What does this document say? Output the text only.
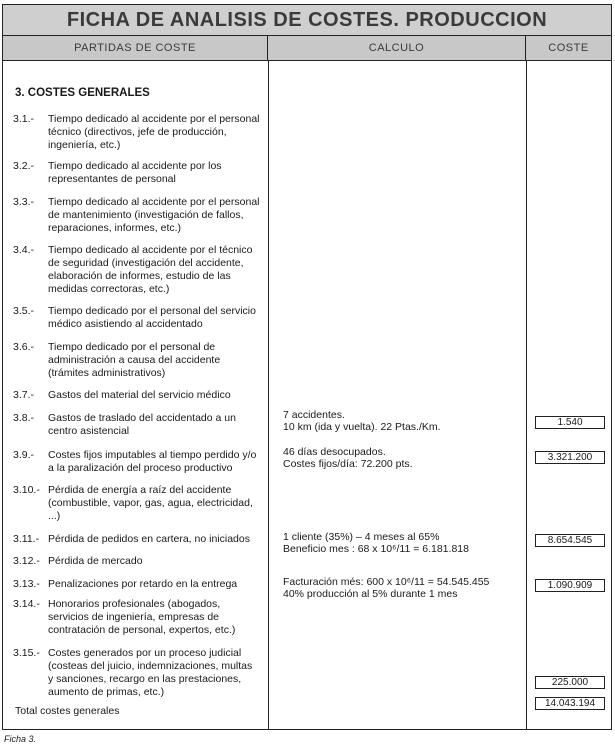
FICHA DE ANALISIS DE COSTES. PRODUCCION
PARTIDAS DE COSTE	CALCULO	COSTE
3. COSTES GENERALES
3.1.- Tiempo dedicado al accidente por el personal técnico (directivos, jefe de producción, ingeniería, etc.)
3.2.- Tiempo dedicado al accidente por los representantes de personal
3.3.- Tiempo dedicado al accidente por el personal de mantenimiento (investigación de fallos, reparaciones, informes, etc.)
3.4.- Tiempo dedicado al accidente por el técnico de seguridad (investigación del accidente, elaboración de informes, estudio de las medidas correctoras, etc.)
3.5.- Tiempo dedicado por el personal del servicio médico asistiendo al accidentado
3.6.- Tiempo dedicado por el personal de administración a causa del accidente (trámites administrativos)
3.7.- Gastos del material del servicio médico
3.8.- Gastos de traslado del accidentado a un centro asistencial
3.9.- Costes fijos imputables al tiempo perdido y/o a la paralización del proceso productivo
3.10.- Pérdida de energía a raíz del accidente (combustible, vapor, gas, agua, electricidad, ...)
3.11.- Pérdida de pedidos en cartera, no iniciados
3.12.- Pérdida de mercado
3.13.- Penalizaciones por retardo en la entrega
3.14.- Honorarios profesionales (abogados, servicios de ingeniería, empresas de contratación de personal, expertos, etc.)
3.15.- Costes generados por un proceso judicial (costeas del juicio, indemnizaciones, multas y sanciones, recargo en las prestaciones, aumento de primas, etc.)
7 accidentes.
10 km (ida y vuelta). 22 Ptas./Km.
46 días desocupados.
Costes fijos/día: 72.200 pts.
1 cliente (35%) – 4 meses al 65%
Beneficio mes : 68 x 10⁶/11 = 6.181.818
Facturación més: 600 x 10⁶/11 = 54.545.455
40% producción al 5% durante 1 mes
1.540
3.321.200
8.654.545
1.090.909
225.000
14.043.194
Total costes generales
Ficha 3.
